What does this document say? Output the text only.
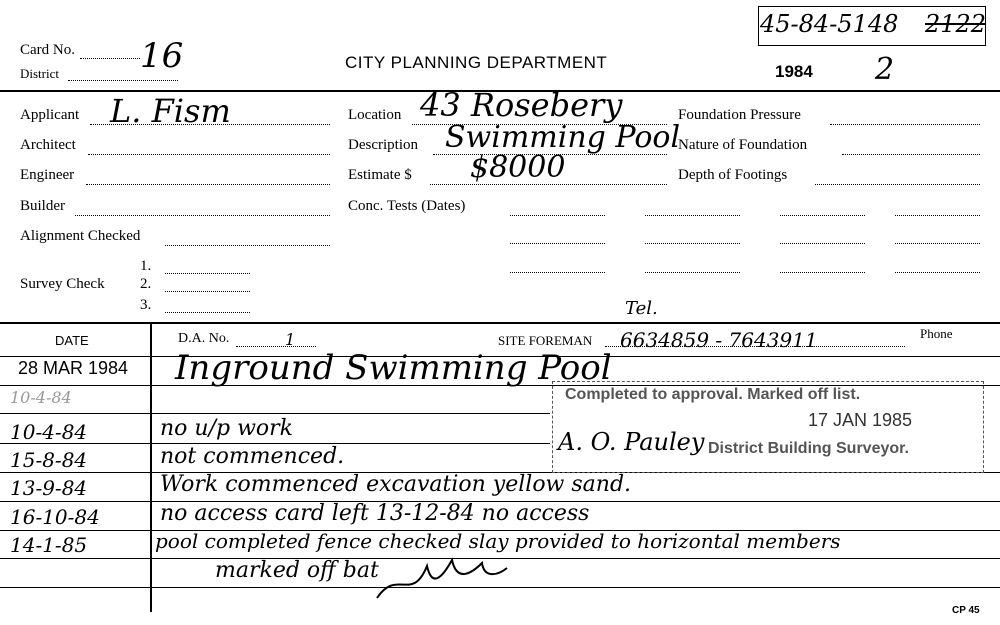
Card No. 16
District
CITY PLANNING DEPARTMENT
45-84-5148 2122
1984 2
Applicant L. Fism
Architect
Engineer
Builder
Alignment Checked
Survey Check
1.
2.
3.
Location 43 Rosebery
Description Swimming Pool
Estimate $ $8000
Conc. Tests (Dates)
Foundation Pressure
Nature of Foundation
Depth of Footings
Tel.
DATE	D.A. No.	1	SITE FOREMAN 6634859 - 7643911	Phone
28 MAR 1984 Inground Swimming Pool
10-4-84
10-4-84	no u/p work
15-8-84	not commenced.
13-9-84	Work commenced excavation yellow sand.
16-10-84	no access card left 13-12-84 no access
14-1-85	pool completed fence checked slay provided to horizontal members
marked off bat
Completed to approval. Marked off list.
17 JAN 1985
A. O. Pauley District Building Surveyor.
CP 45
